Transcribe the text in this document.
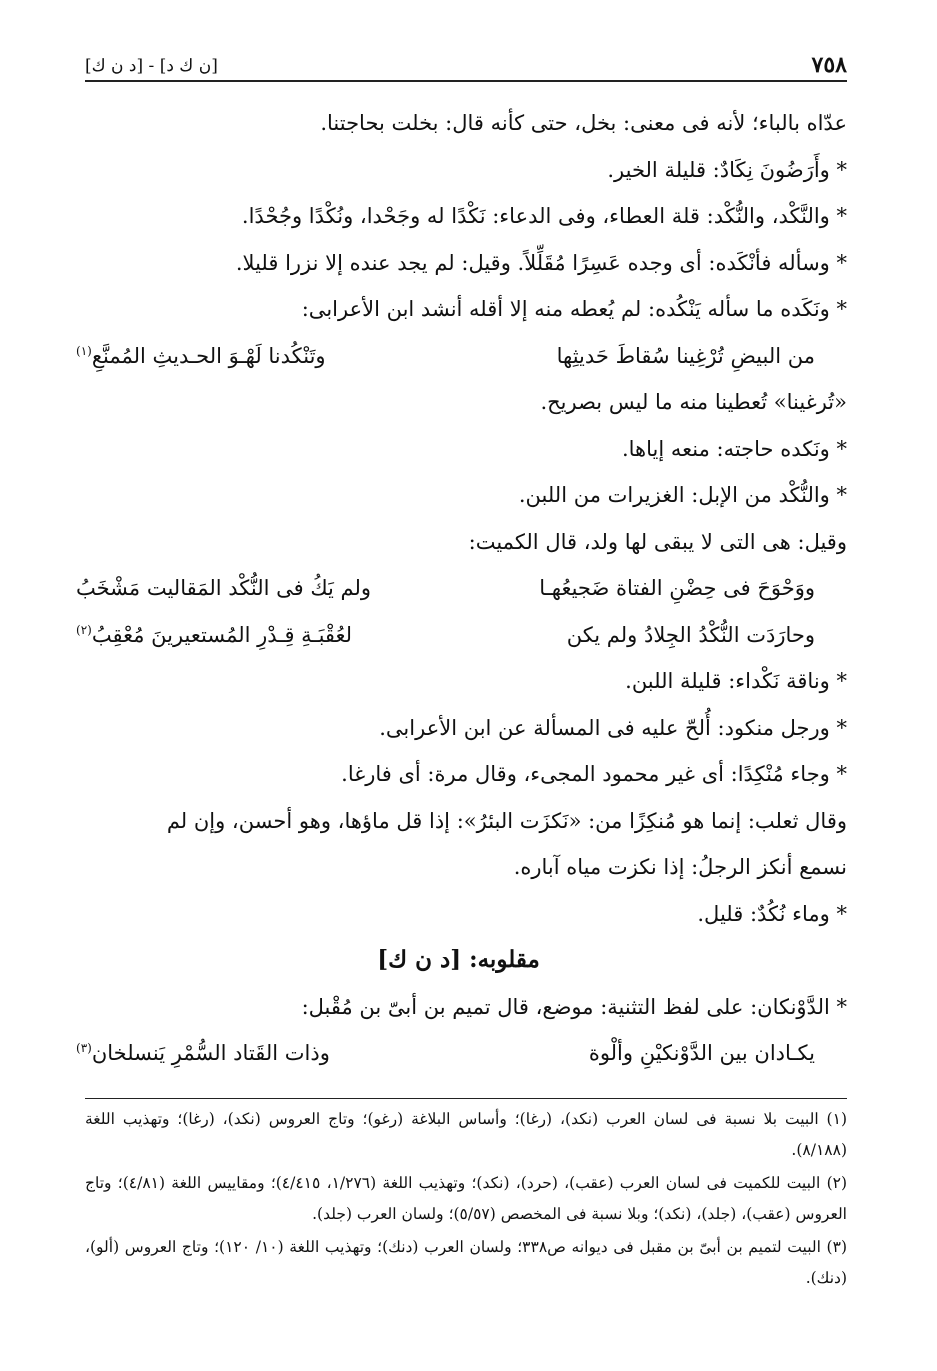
٧٥٨
[ن ك د] - [د ن ك]

عدّاه بالباء؛ لأنه فى معنى: بخل، حتى كأنه قال: بخلت بحاجتنا.

* وأَرَضُونَ نِكَادٌ: قليلة الخير.

* والنَّكْد، والنُّكْد: قلة العطاء، وفى الدعاء: نَكْدًا له وجَحْدا، ونُكْدًا وجُحْدًا.

* وسأله فأنْكَده: أى وجده عَسِرًا مُقَلِّلاً. وقيل: لم يجد عنده إلا نزرا قليلا.

* ونَكَده ما سأله يَنْكُده: لم يُعطه منه إلا أقله أنشد ابن الأعرابى:

من البيضِ تُرْغِينا سُقاطَ حَديثِها
وتَنْكُدنا لَهْـوَ الحـديثِ المُمنَّعِ$^{(١)}$

«تُرغينا» تُعطينا منه ما ليس بصريح.

* ونَكده حاجته: منعه إياها.

* والنُّكْد من الإبل: الغزيرات من اللبن.

وقيل: هى التى لا يبقى لها ولد، قال الكميت:

ووَحْوَحَ فى حِضْنِ الفتاة ضَجيعُهـا
ولم يَكُ فى النُّكْد المَقاليت مَشْخَبُ
وحارَدَت النُّكْدُ الجِلادُ ولم يكن
لعُقْبَـةِ قِـدْرِ المُستعيرينَ مُعْقِبُ$^{(٢)}$

* وناقة نَكْداء: قليلة اللبن.

* ورجل منكود: أُلحّ عليه فى المسألة عن ابن الأعرابى.

* وجاء مُنْكِدًا: أى غير محمود المجىء، وقال مرة: أى فارغا.

وقال ثعلب: إنما هو مُنكِزًا من: «نَكزَت البئرُ»: إذا قل ماؤها، وهو أحسن، وإن لم

نسمع أنكز الرجلُ: إذا نكزت مياه آباره.

* وماء نُكُدٌ: قليل.

مقلوبه: [د ن ك]

* الدَّوْنكان: على لفظ التثنية: موضع، قال تميم بن أبىّ بن مُقْبل:

يكـادان بين الدَّوْنكيْنِ وألْوة
وذات القَتاد السُّمْرِ يَنسلخان$^{(٣)}$

(١) البيت بلا نسبة فى لسان العرب (نكد)، (رغا)؛ وأساس البلاغة (رغو)؛ وتاج العروس (نكد)، (رغا)؛ وتهذيب اللغة (٨/١٨٨).

(٢) البيت للكميت فى لسان العرب (عقب)، (حرد)، (نكد)؛ وتهذيب اللغة (١/٢٧٦، ٤/٤١٥)؛ ومقاييس اللغة (٤/٨١)؛ وتاج العروس (عقب)، (جلد)، (نكد)؛ وبلا نسبة فى المخصص (٥/٥٧)؛ ولسان العرب (جلد).

(٣) البيت لتميم بن أبىّ بن مقبل فى ديوانه ص٣٣٨؛ ولسان العرب (دنك)؛ وتهذيب اللغة (١٠/ ١٢٠)؛ وتاج العروس (ألو)، (دنك).
